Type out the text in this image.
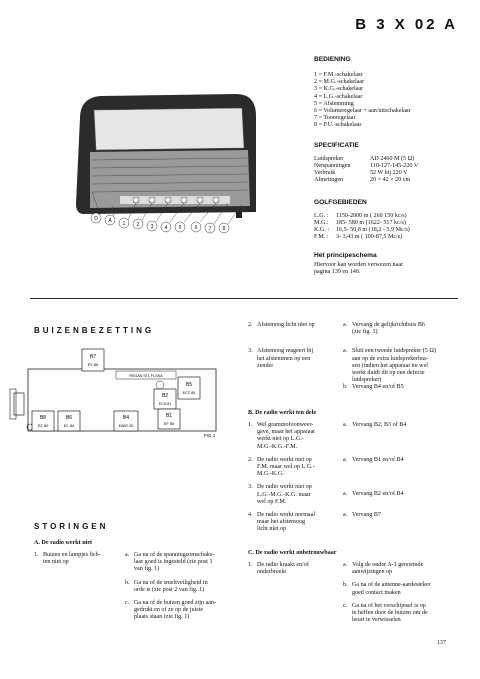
B 3 X 02 A
D A 1 2 3 4 5	6 7 8
BEDIENING
1 = F.M.-schakelaar
2 = M.G.-schakelaar
3 = K.G.-schakelaar
4 = L.G.-schakelaar
5 = Afstemming
6 = Volumeregelaar + aan/uitschakelaar
7 = Toonregelaar
8 = P.U.-schakelaar
SPECIFICATIE
Luidspreker	AD 2460 M (5 Ω)
Netspanningen	110-127-145-220 V
Verbruik	52 W bij 220 V
Afmetingen	20 × 42 × 20 cm
GOLFGEBIEDEN
L.G. :	1150-2000 m ( 260 150 kc/s)
M.G.:	185- 580 m (1622- 517 kc/s)
K.G. :	16,5- 50,8 m (18,2 - 5,9 Mc/s)
F.M. :	3- 3,43 m ( 100-87,5 Mc/s)
Het principeschema
Hiervoor kan worden verwezen naar
pagina 139 en 140.
BUIZENBEZETTING
B7
EY 86
REGAN ST1 FLOKA
B5
ECC 85
B2
ECH 81
B8
EZ 80
B6
EL 84
B4
EABC 80
B1
EF 85
FIG.1
STORINGEN
A. De radio werkt niet
1. Buizen en lampjes lich-
ten niet op
a. Ga na of de spanningsomschake-
laar goed is ingesteld (zie post 1
van fig. 1)
b. Ga na of de smeltveiligheid in
orde is (zie post 2 van fig. 1)
c. Ga na of de buizen goed zijn aan-
gedrukt en of ze op de juiste
plaats staan (zie fig. 1)
2. Afstemoog licht niet op	a. Vervang de gelijkrichtbuis B6
(zie fig. 1)
3. Afstemoog reageert bij
het afstemmen op een
zender
a. Sluit een tweede luidspreker (5 Ω)
aan op de extra luidsprekerbus-
sen (indien het apparaat nu wel
werkt duidt dit op een defecte
luidspreker)
b. Vervang B4 en/of B5
B. De radio werkt ten dele
1. Wel grammofoonweer-
gave, maar het apparaat
werkt niet op L.G.-
M.G.-K.G.-F.M.
a. Vervang B2, B3 of B4
2. De radio werkt niet op
F.M. maar wel op L.G.-
M.G.-K.G.
a. Vervang B1 en/of B4
3. De radio werkt niet op
L.G.-M.G.-K.G. maar
wel op F.M.
a. Vervang B2 en/of B4
4. De radio werkt normaal
maar het afstemoog
licht niet op
a. Vervang B7
C. De radio werkt onbetrouwbaar
1. De radio kraakt en/of
onderbreekt
a. Volg de onder A-1 genoemde
aanwijzingen op
b. Ga na of de antenne-aardesteker
goed contact maken
c. Ga na of het verschijnsel is op
te heffen door de buizen om de
beurt te verwisselen
137
